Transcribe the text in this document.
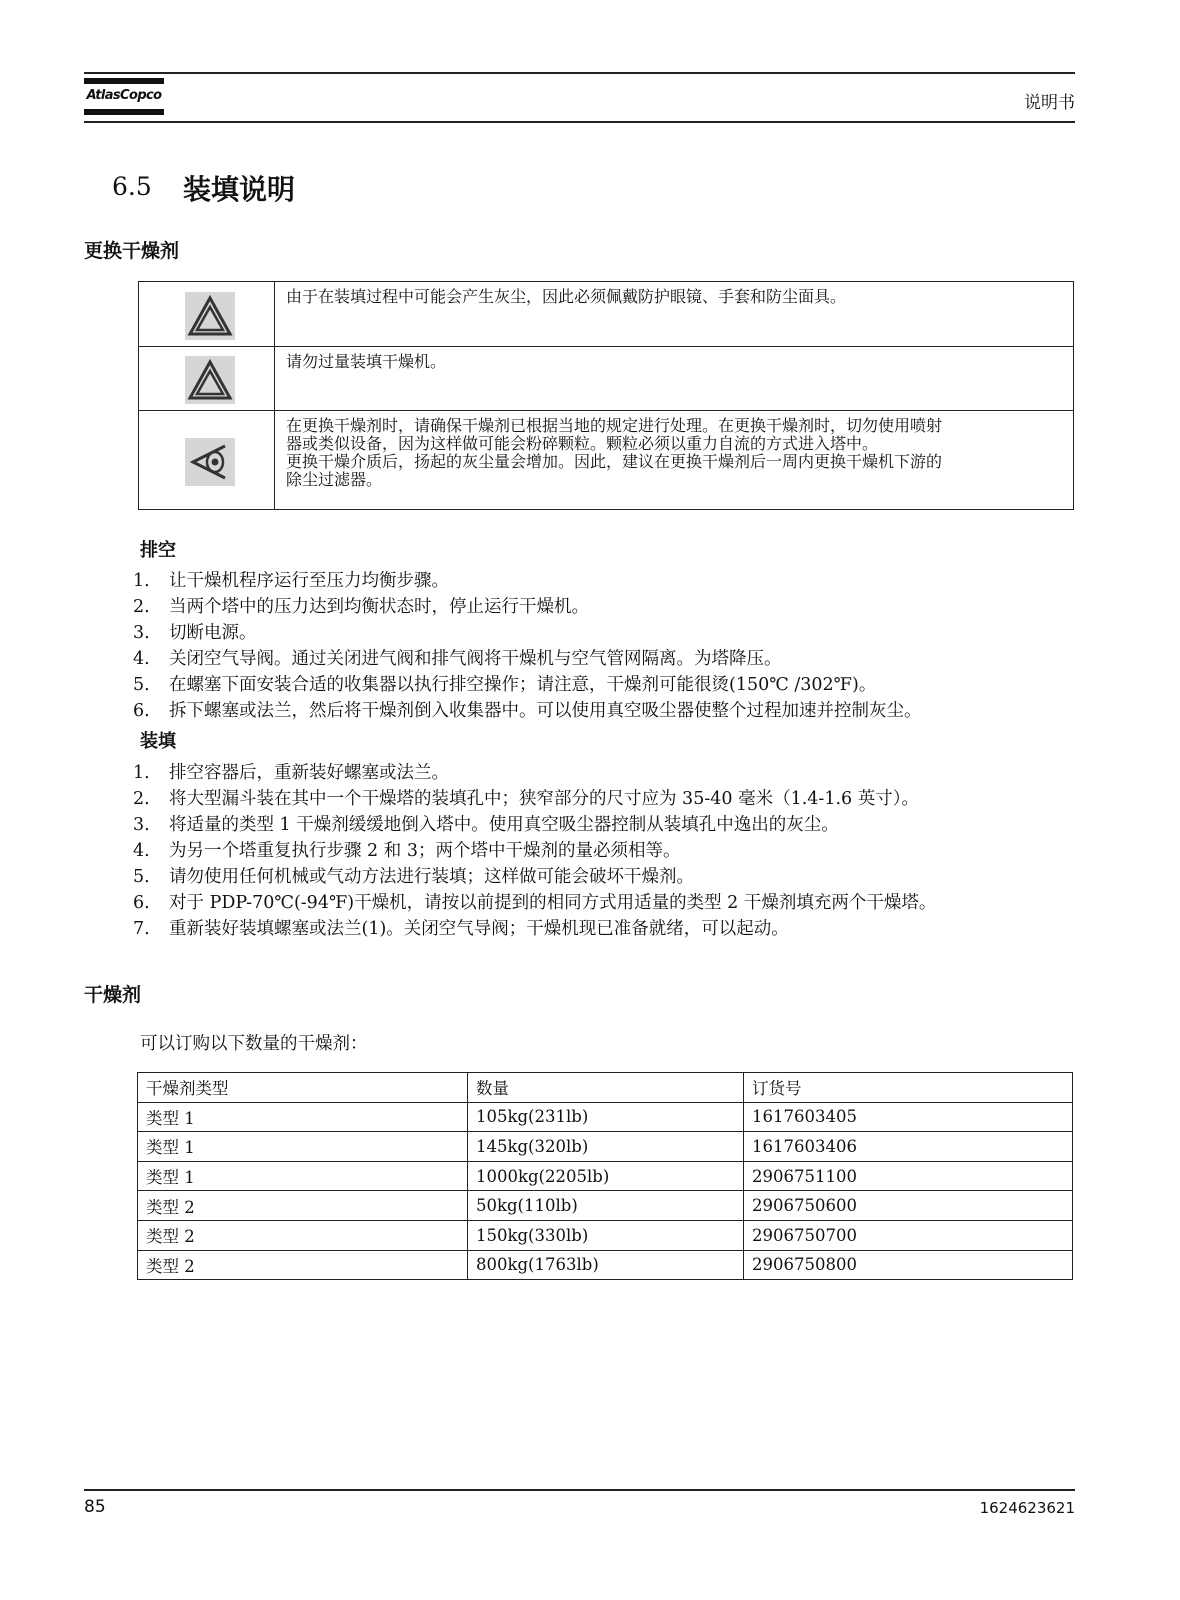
AtlasCopco	说明书
6.5 装填说明
更换干燥剂
由于在装填过程中可能会产生灰尘，因此必须佩戴防护眼镜、手套和防尘面具。
请勿过量装填干燥机。
在更换干燥剂时，请确保干燥剂已根据当地的规定进行处理。在更换干燥剂时，切勿使用喷射
器或类似设备，因为这样做可能会粉碎颗粒。颗粒必须以重力自流的方式进入塔中。
更换干燥介质后，扬起的灰尘量会增加。因此，建议在更换干燥剂后一周内更换干燥机下游的
除尘过滤器。
排空
1. 让干燥机程序运行至压力均衡步骤。
2. 当两个塔中的压力达到均衡状态时，停止运行干燥机。
3. 切断电源。
4. 关闭空气导阀。通过关闭进气阀和排气阀将干燥机与空气管网隔离。为塔降压。
5. 在螺塞下面安装合适的收集器以执行排空操作；请注意，干燥剂可能很烫(150℃ /302℉)。
6. 拆下螺塞或法兰，然后将干燥剂倒入收集器中。可以使用真空吸尘器使整个过程加速并控制灰尘。
装填
1. 排空容器后，重新装好螺塞或法兰。
2. 将大型漏斗装在其中一个干燥塔的装填孔中；狭窄部分的尺寸应为 35-40 毫米（1.4-1.6 英寸）。
3. 将适量的类型 1 干燥剂缓缓地倒入塔中。使用真空吸尘器控制从装填孔中逸出的灰尘。
4. 为另一个塔重复执行步骤 2 和 3；两个塔中干燥剂的量必须相等。
5. 请勿使用任何机械或气动方法进行装填；这样做可能会破坏干燥剂。
6. 对于 PDP-70℃(-94℉)干燥机，请按以前提到的相同方式用适量的类型 2 干燥剂填充两个干燥塔。
7. 重新装好装填螺塞或法兰(1)。关闭空气导阀；干燥机现已准备就绪，可以起动。
干燥剂
可以订购以下数量的干燥剂：
干燥剂类型	数量	订货号
类型 1	105kg(231lb)	1617603405
类型 1	145kg(320lb)	1617603406
类型 1	1000kg(2205lb)	2906751100
类型 2	50kg(110lb)	2906750600
类型 2	150kg(330lb)	2906750700
类型 2	800kg(1763lb)	2906750800
85	1624623621
